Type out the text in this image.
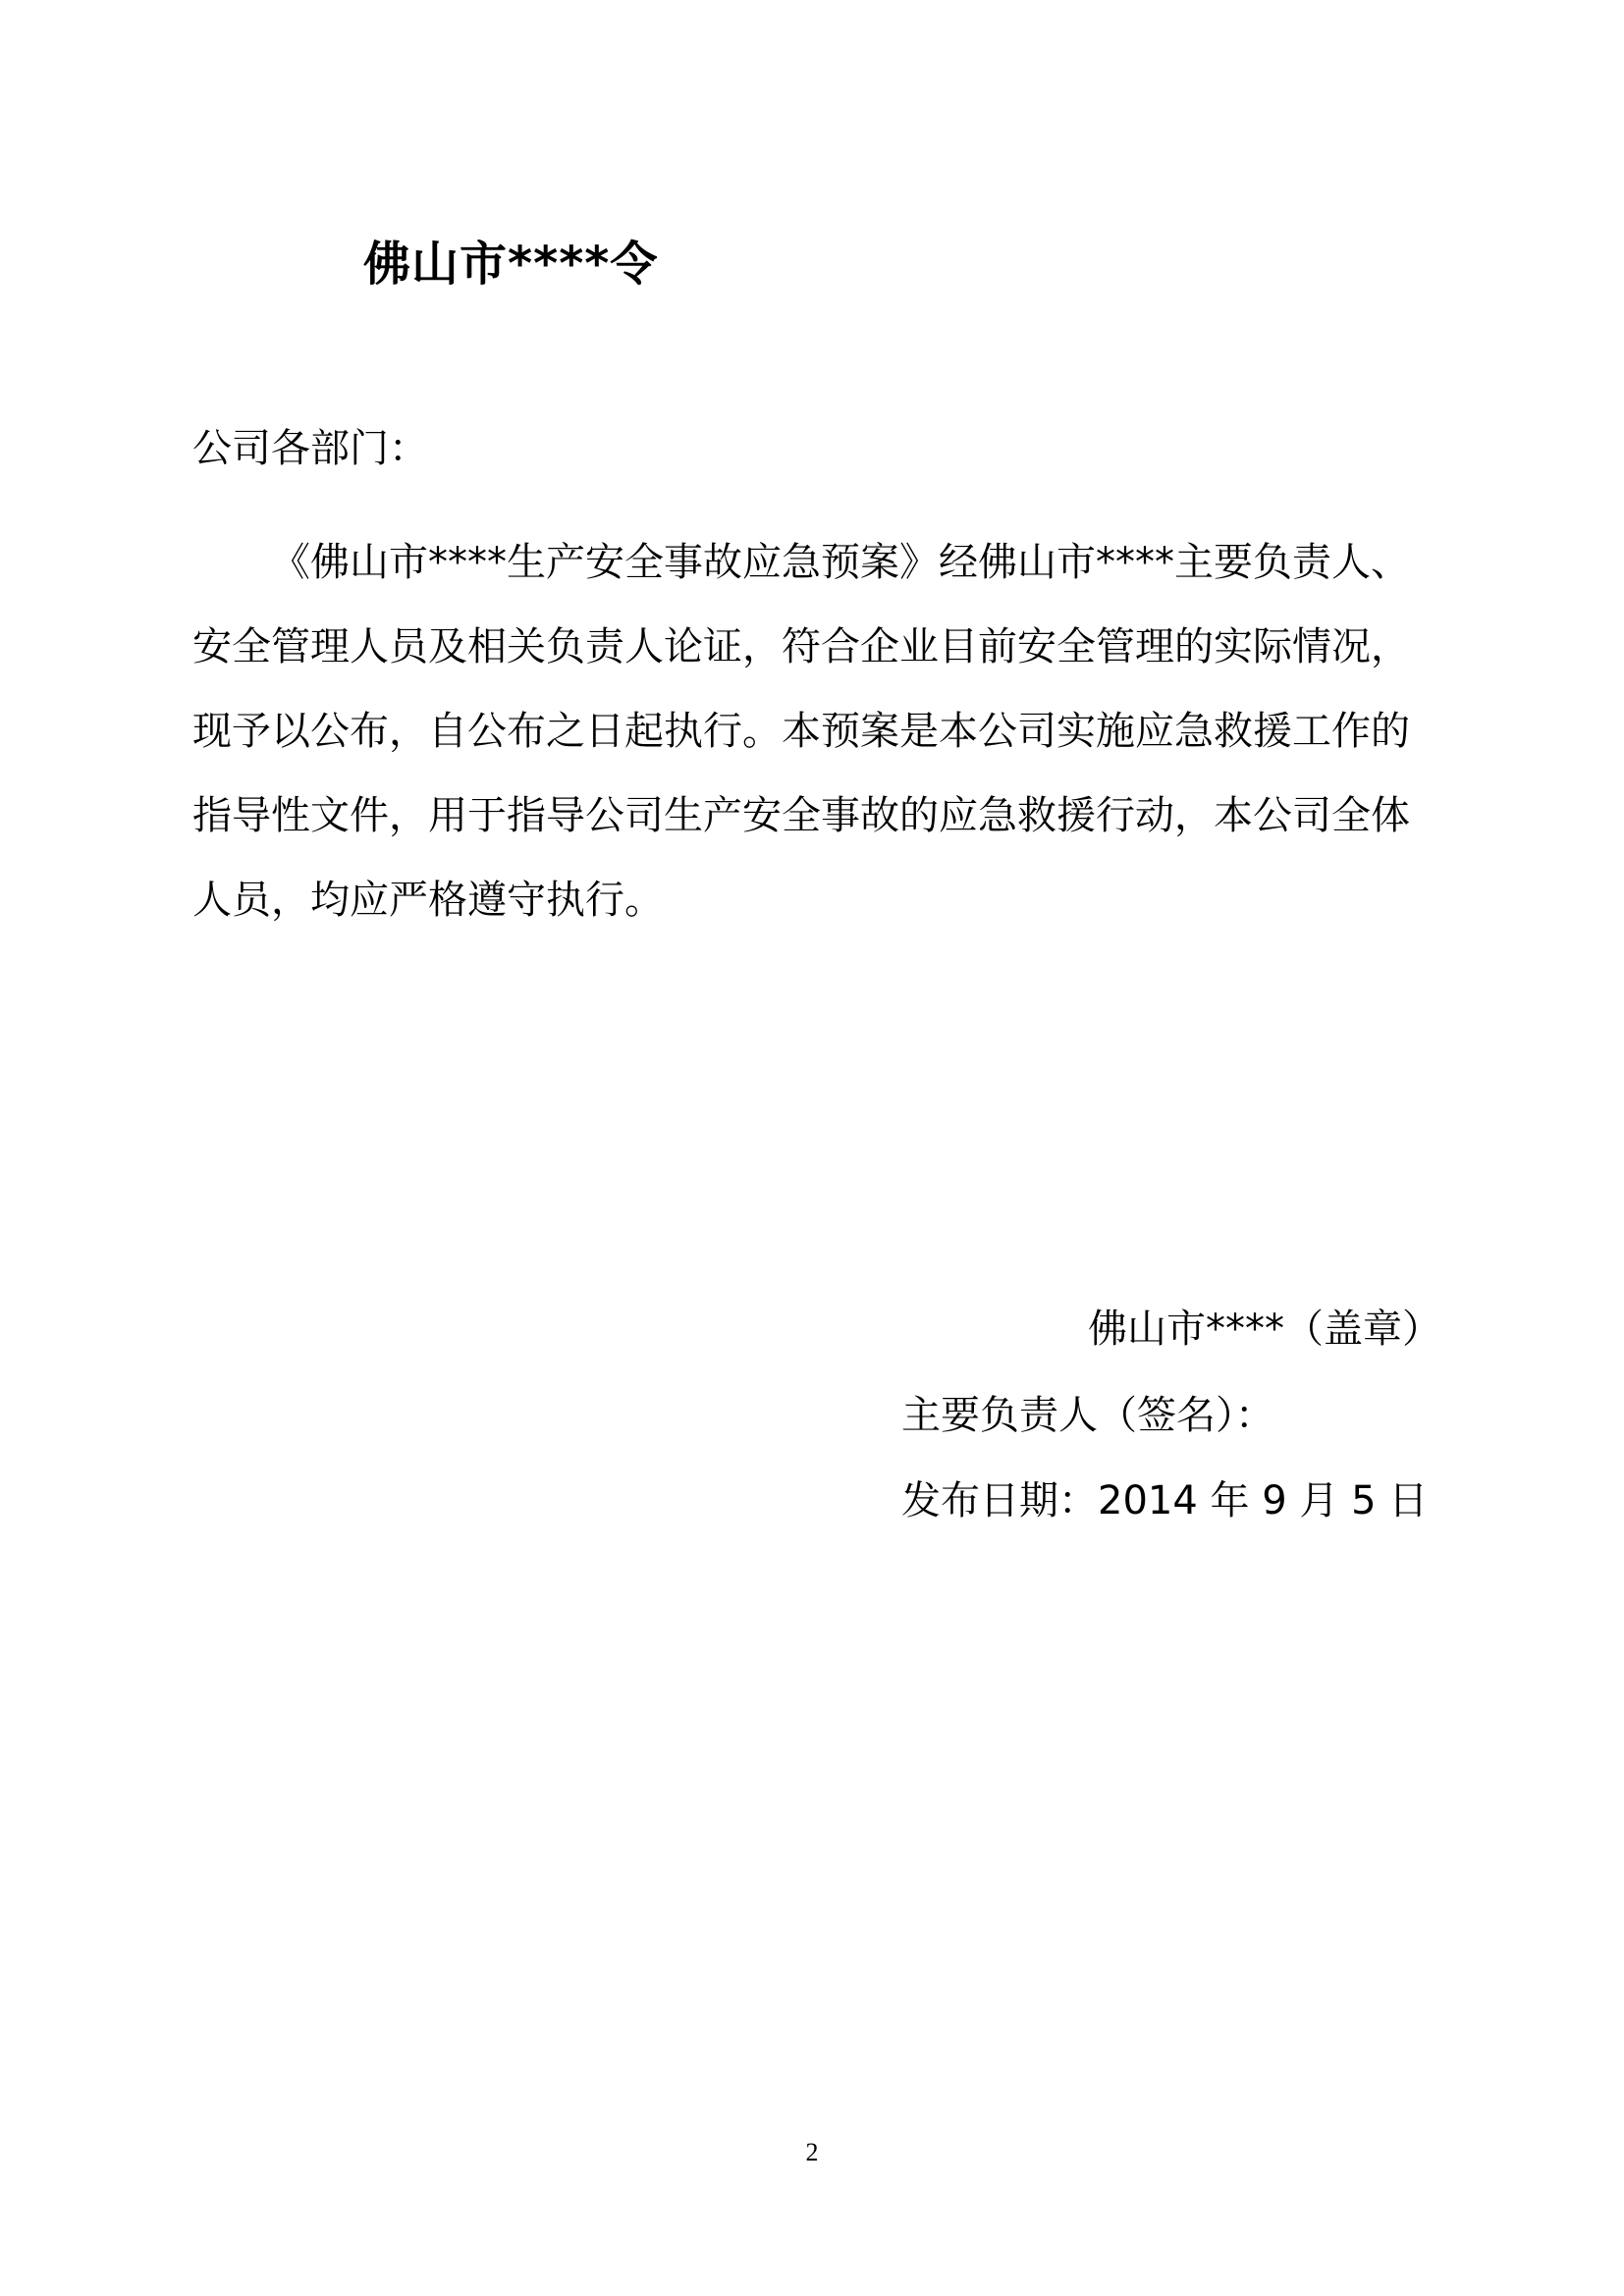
佛山市****令
公司各部门：
《佛山市****生产安全事故应急预案》经佛山市****主要负责人、
安全管理人员及相关负责人论证，符合企业目前安全管理的实际情况，
现予以公布，自公布之日起执行。本预案是本公司实施应急救援工作的
指导性文件，用于指导公司生产安全事故的应急救援行动，本公司全体
人员，均应严格遵守执行。
佛山市****（盖章）
主要负责人（签名）：
发布日期：2014 年 9 月 5 日
2
